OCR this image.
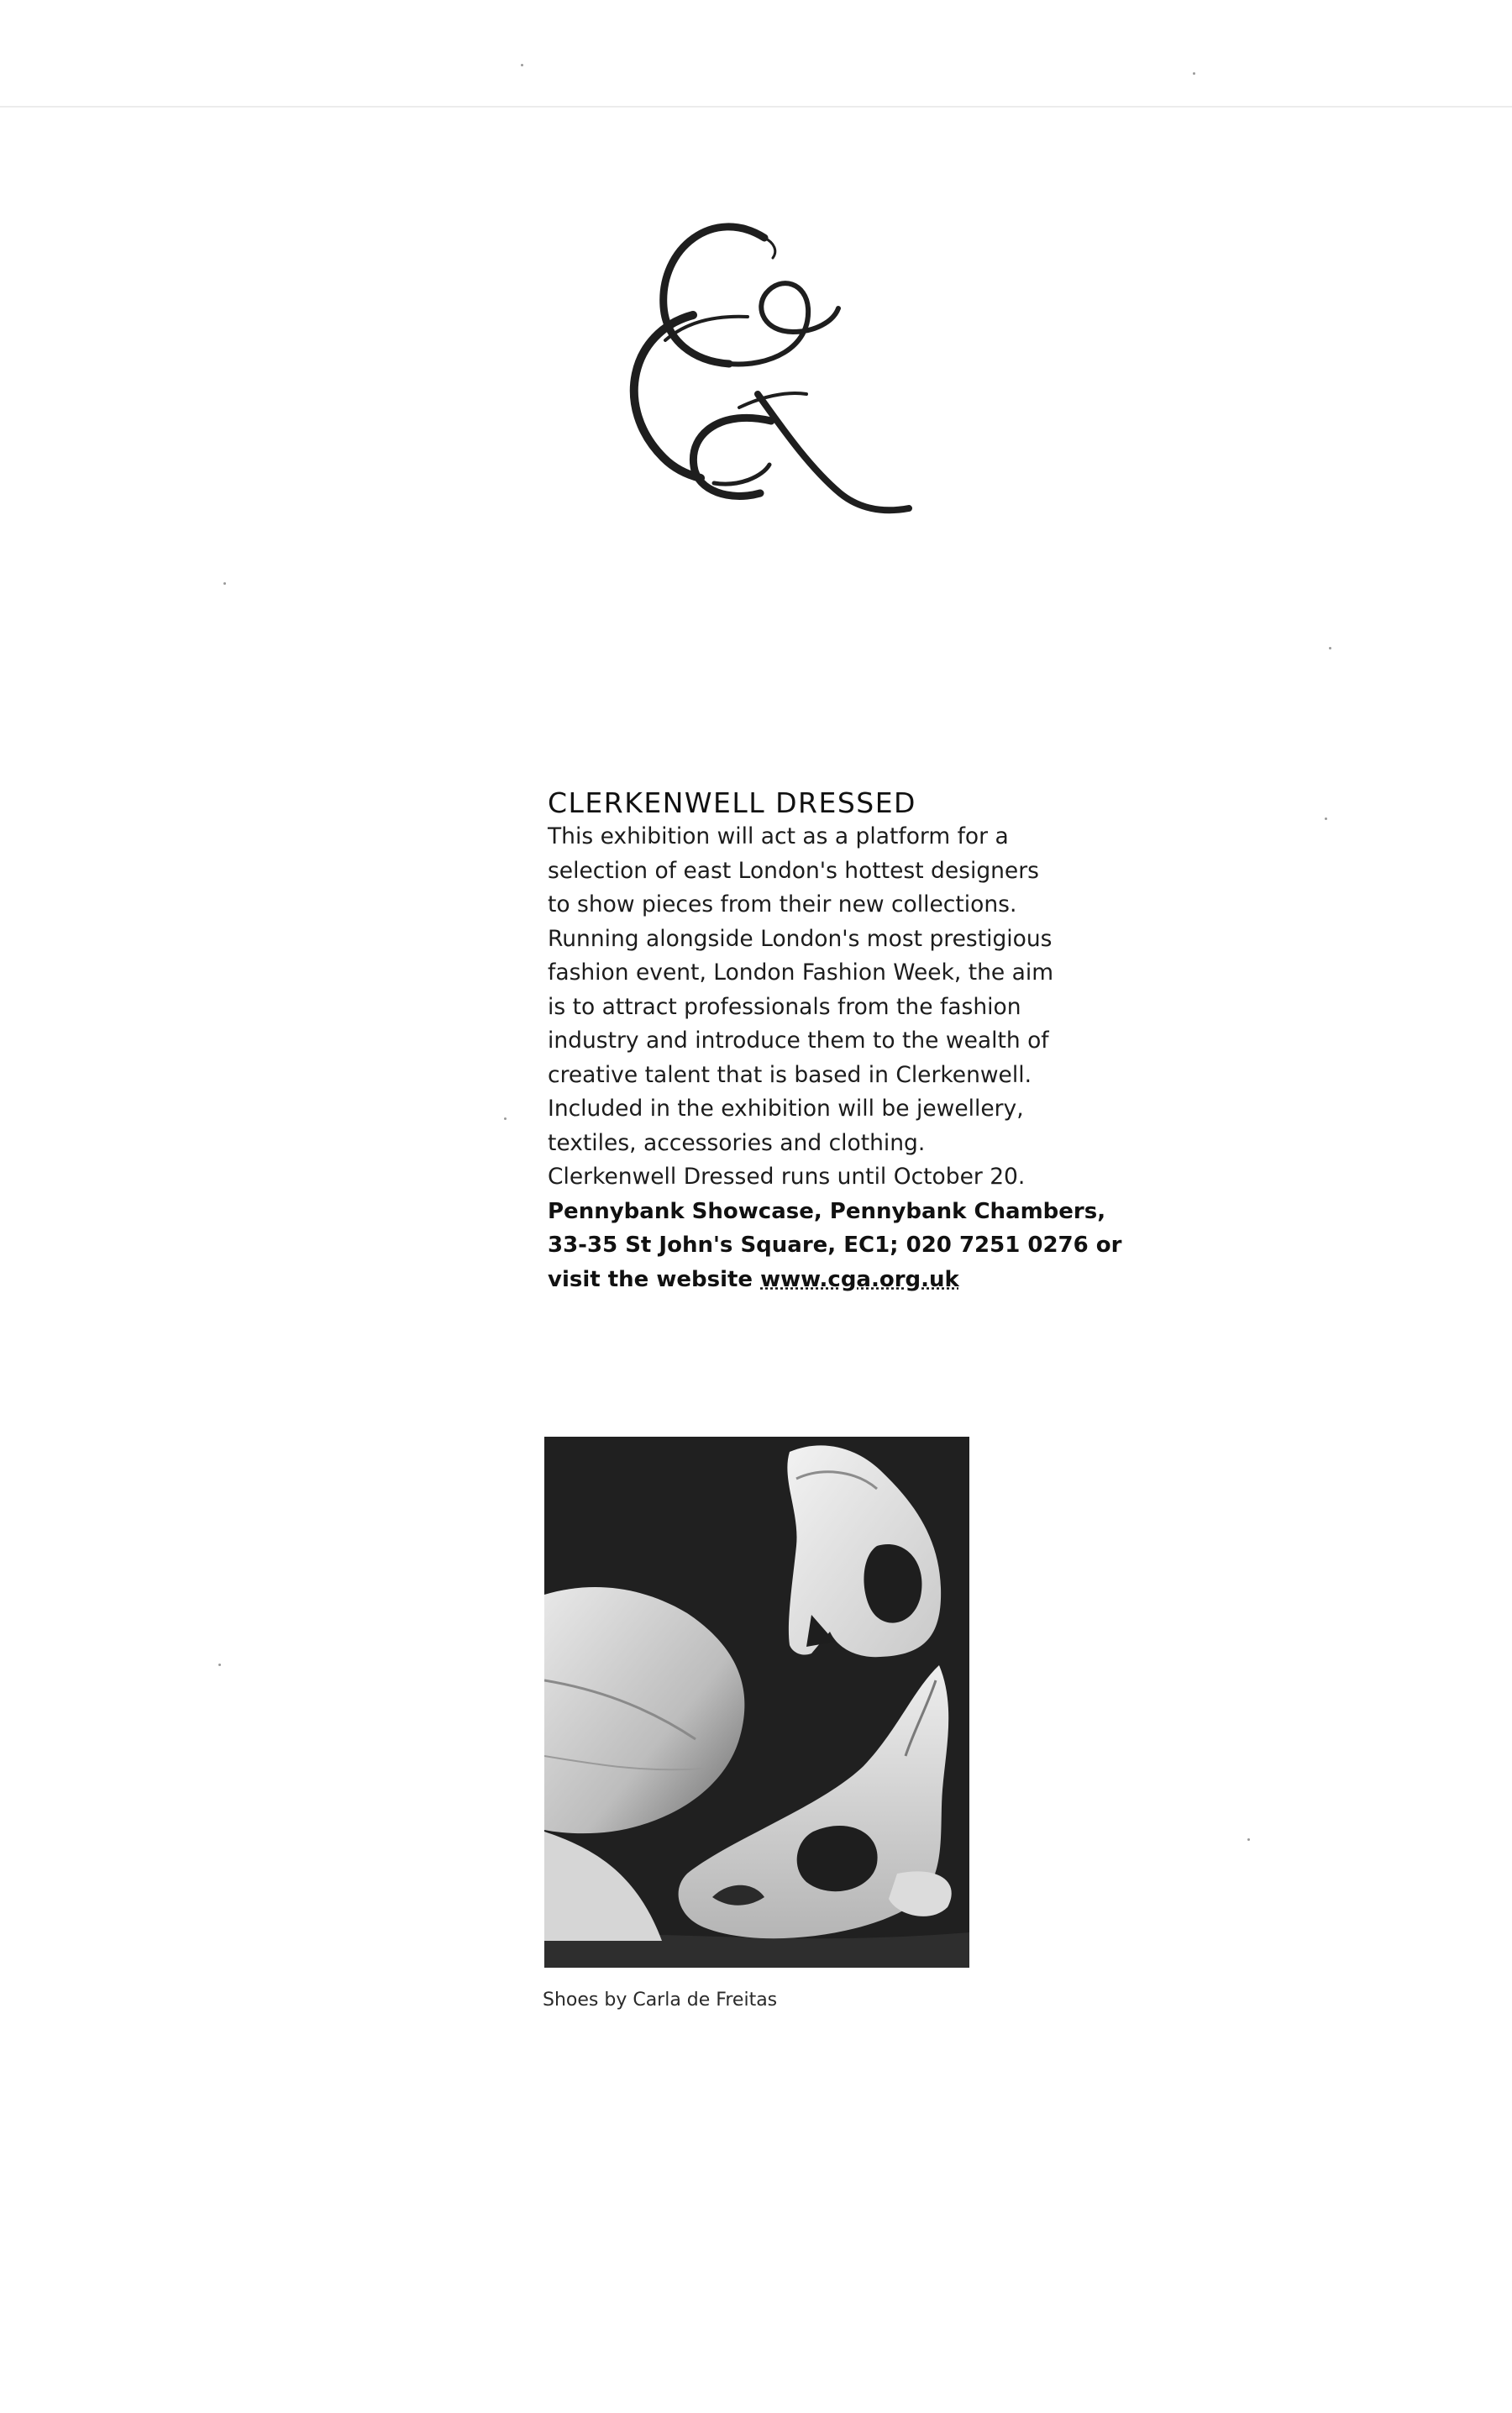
CLERKENWELL DRESSED

This exhibition will act as a platform for a

selection of east London's hottest designers

to show pieces from their new collections.

Running alongside London's most prestigious

fashion event, London Fashion Week, the aim

is to attract professionals from the fashion

industry and introduce them to the wealth of

creative talent that is based in Clerkenwell.

Included in the exhibition will be jewellery,

textiles, accessories and clothing.

Clerkenwell Dressed runs until October 20.

Pennybank Showcase, Pennybank Chambers,
33-35 St John's Square, EC1; 020 7251 0276 or
visit the website www.cga.org.uk
Shoes by Carla de Freitas
